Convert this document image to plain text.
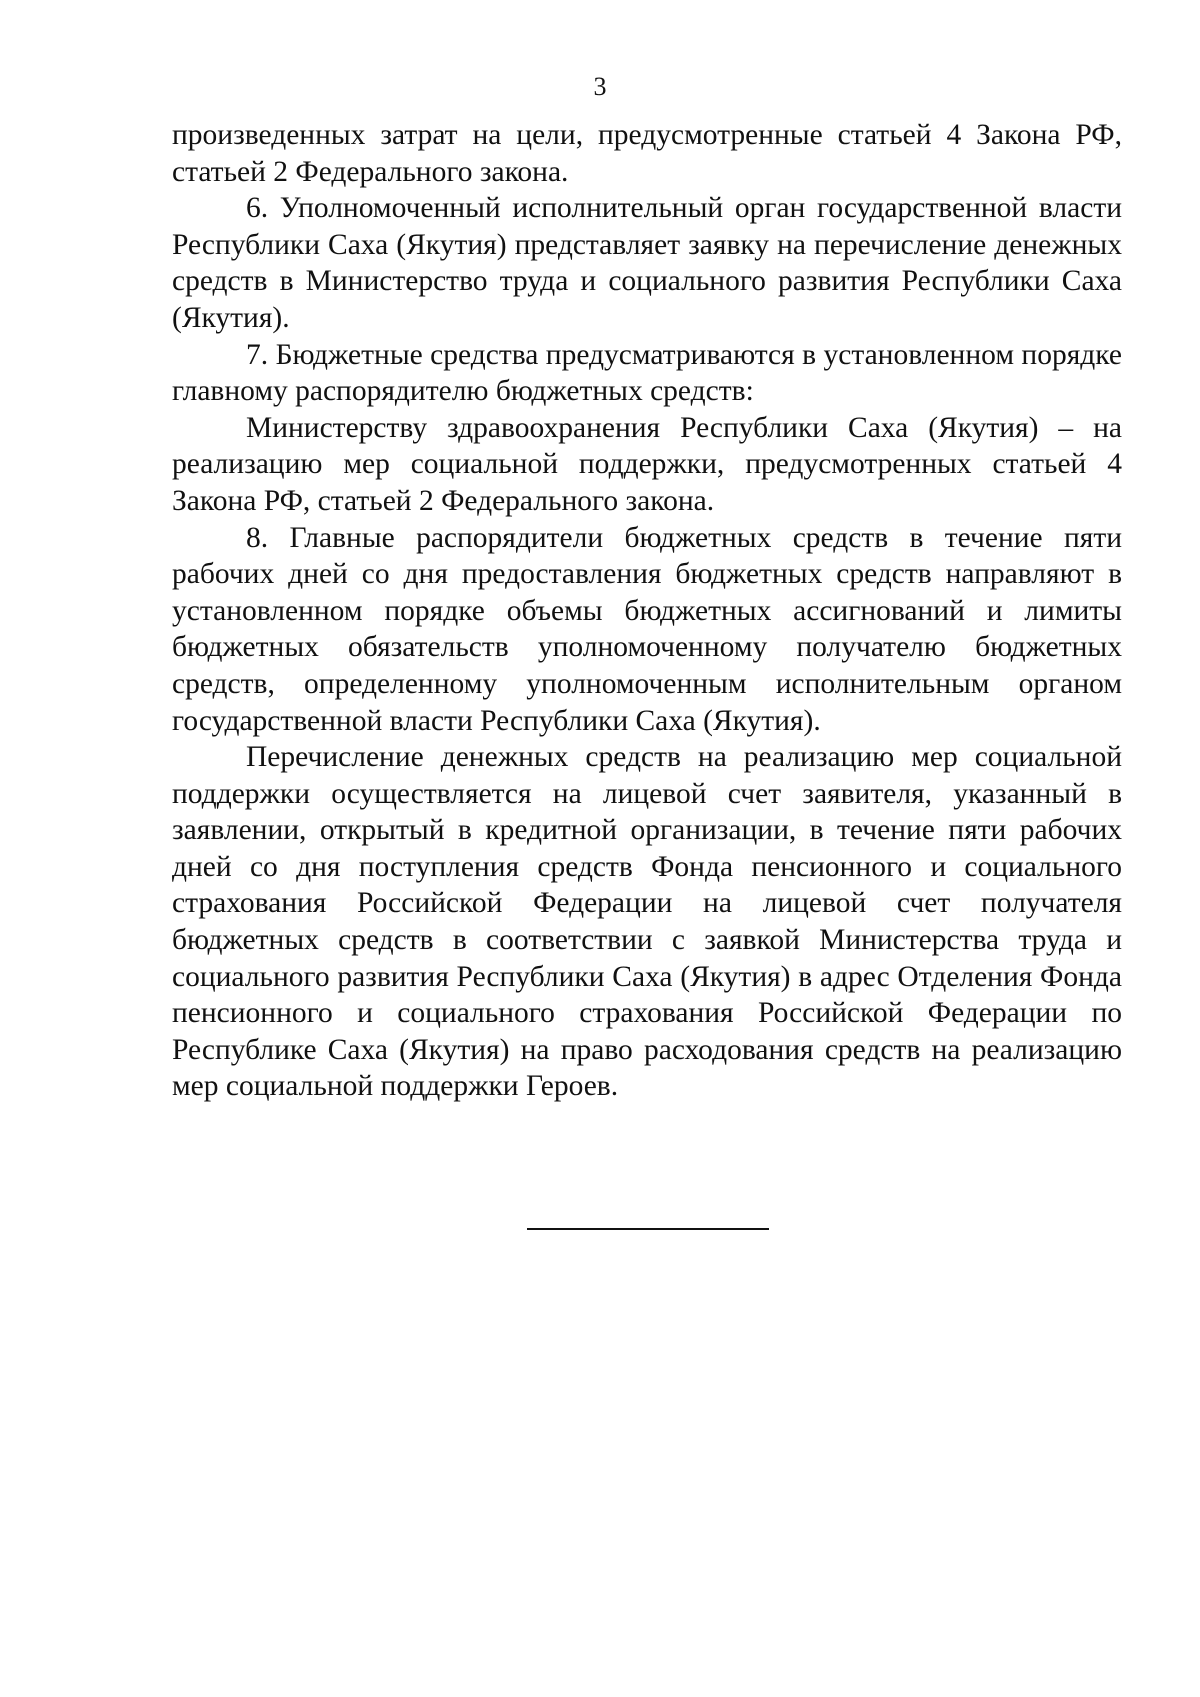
3

произведенных затрат на цели, предусмотренные статьей 4 Закона РФ, статьей 2 Федерального закона.

6. Уполномоченный исполнительный орган государственной власти Республики Саха (Якутия) представляет заявку на перечисление денежных средств в Министерство труда и социального развития Республики Саха (Якутия).

7. Бюджетные средства предусматриваются в установленном порядке главному распорядителю бюджетных средств:

Министерству здравоохранения Республики Саха (Якутия) – на реализацию мер социальной поддержки, предусмотренных статьей 4 Закона РФ, статьей 2 Федерального закона.

8. Главные распорядители бюджетных средств в течение пяти рабочих дней со дня предоставления бюджетных средств направляют в установленном порядке объемы бюджетных ассигнований и лимиты бюджетных обязательств уполномоченному получателю бюджетных средств, определенному уполномоченным исполнительным органом государственной власти Республики Саха (Якутия).

Перечисление денежных средств на реализацию мер социальной поддержки осуществляется на лицевой счет заявителя, указанный в заявлении, открытый в кредитной организации, в течение пяти рабочих дней со дня поступления средств Фонда пенсионного и социального страхования Российской Федерации на лицевой счет получателя бюджетных средств в соответствии с заявкой Министерства труда и социального развития Республики Саха (Якутия) в адрес Отделения Фонда пенсионного и социального страхования Российской Федерации по Республике Саха (Якутия) на право расходования средств на реализацию мер социальной поддержки Героев.
